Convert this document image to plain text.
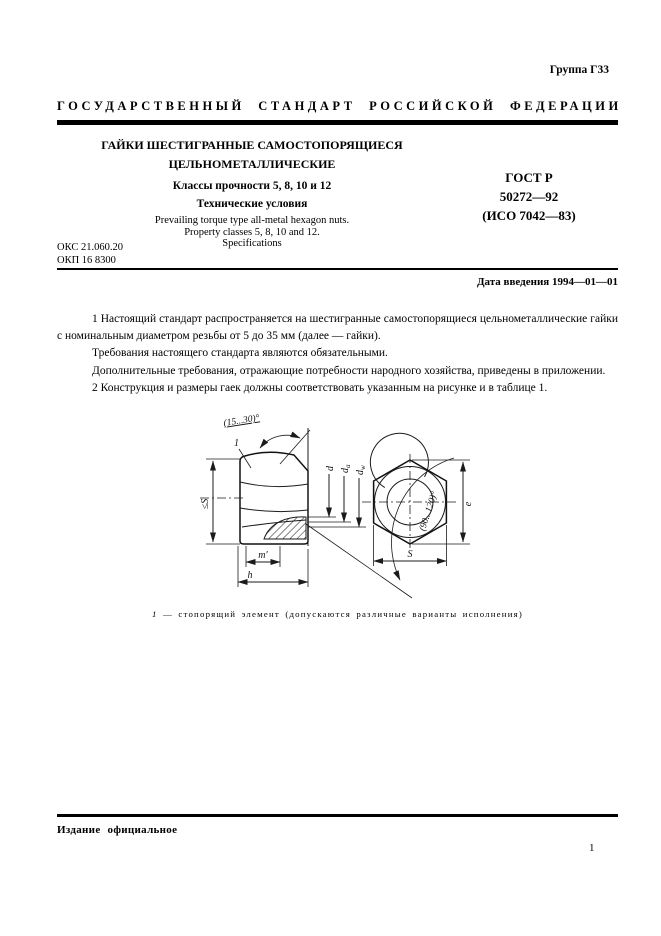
Группа Г33
ГОСУДАРСТВЕННЫЙ СТАНДАРТ РОССИЙСКОЙ ФЕДЕРАЦИИ
ГАЙКИ ШЕСТИГРАННЫЕ САМОСТОПОРЯЩИЕСЯ
ЦЕЛЬНОМЕТАЛЛИЧЕСКИЕ
Классы прочности 5, 8, 10 и 12
Технические условия
Prevailing torque type all-metal hexagon nuts.
Property classes 5, 8, 10 and 12.
Specifications
ГОСТ Р
50272—92
(ИСО 7042—83)
ОКС 21.060.20
ОКП 16 8300
Дата введения 1994—01—01

1 Настоящий стандарт распространяется на шестигранные самостопорящиеся цельнометаллические гайки с номинальным диаметром резьбы от 5 до 35 мм (далее — гайки).

Требования настоящего стандарта являются обязательными.

Дополнительные требования, отражающие потребности народного хозяйства, приведены в приложении.

2 Конструкция и размеры гаек должны соответствовать указанным на рисунке и в таблице 1.

(15...30)°
1
≤S
d $d_a$
$d_w$
(90...120)°
m′
h
e
S
1 — стопорящий элемент (допускаются различные варианты исполнения)
Издание официальное
1
